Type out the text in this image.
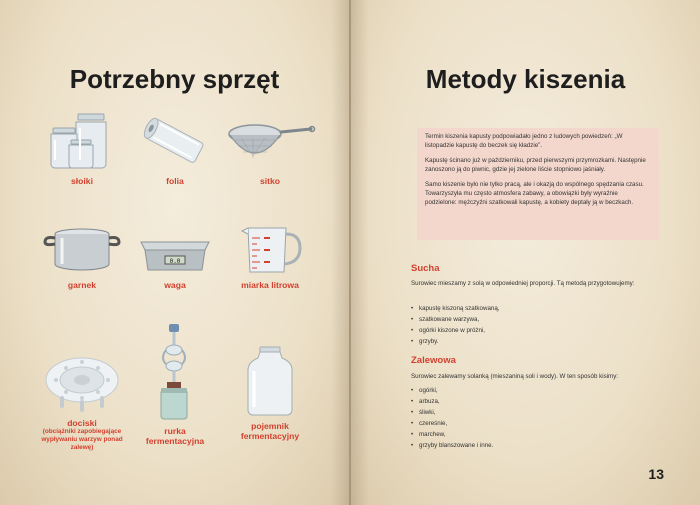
Potrzebny sprzęt
słoiki	folia	sitko
garnek
0.0
waga	miarka litrowa
dociski
(obciążniki zapobiegające wypływaniu warzyw ponad zalewę)
rurka fermentacyjna
pojemnik fermentacyjny
Metody kiszenia

Termin kiszenia kapusty podpowiadało jedno z ludowych powiedzeń: „W listopadzie kapustę do beczek się kładzie”.

Kapustę ścinano już w październiku, przed pierwszymi przymrozkami. Następnie zanoszono ją do piwnic, gdzie jej zielone liście stopniowo jaśniały.

Samo kiszenie było nie tylko pracą, ale i okazją do wspólnego spędzania czasu. Towarzyszyła mu często atmosfera zabawy, a obowiązki były wyraźnie podzielone: mężczyźni szatkowali kapustę, a kobiety deptały ją w beczkach.

Sucha

Surowiec mieszamy z solą w odpowiedniej proporcji. Tą metodą przygotowujemy:

• kapustę kiszoną szatkowaną,
• szatkowane warzywa,
• ogórki kiszone w próżni,
• grzyby.
Zalewowa

Surowiec zalewamy solanką (mieszaniną soli i wody). W ten sposób kisimy:

• ogórki,
• arbuza,
• śliwki,
• czereśnie,
• marchew,
• grzyby blanszowane i inne.
13
